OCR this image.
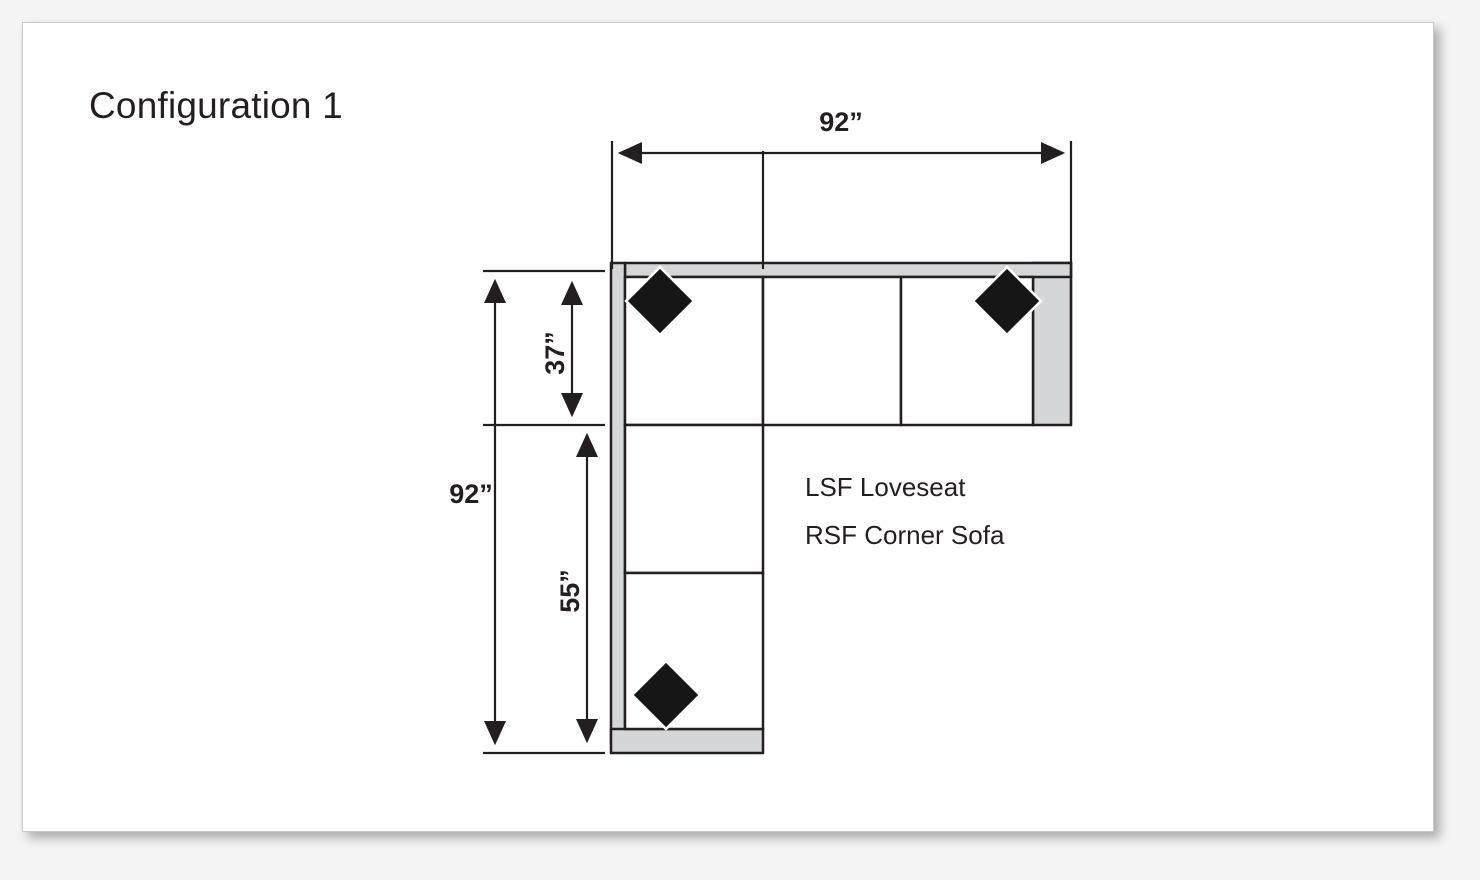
Configuration 1	92”
92”
37”
55”
LSF Loveseat
RSF Corner Sofa
